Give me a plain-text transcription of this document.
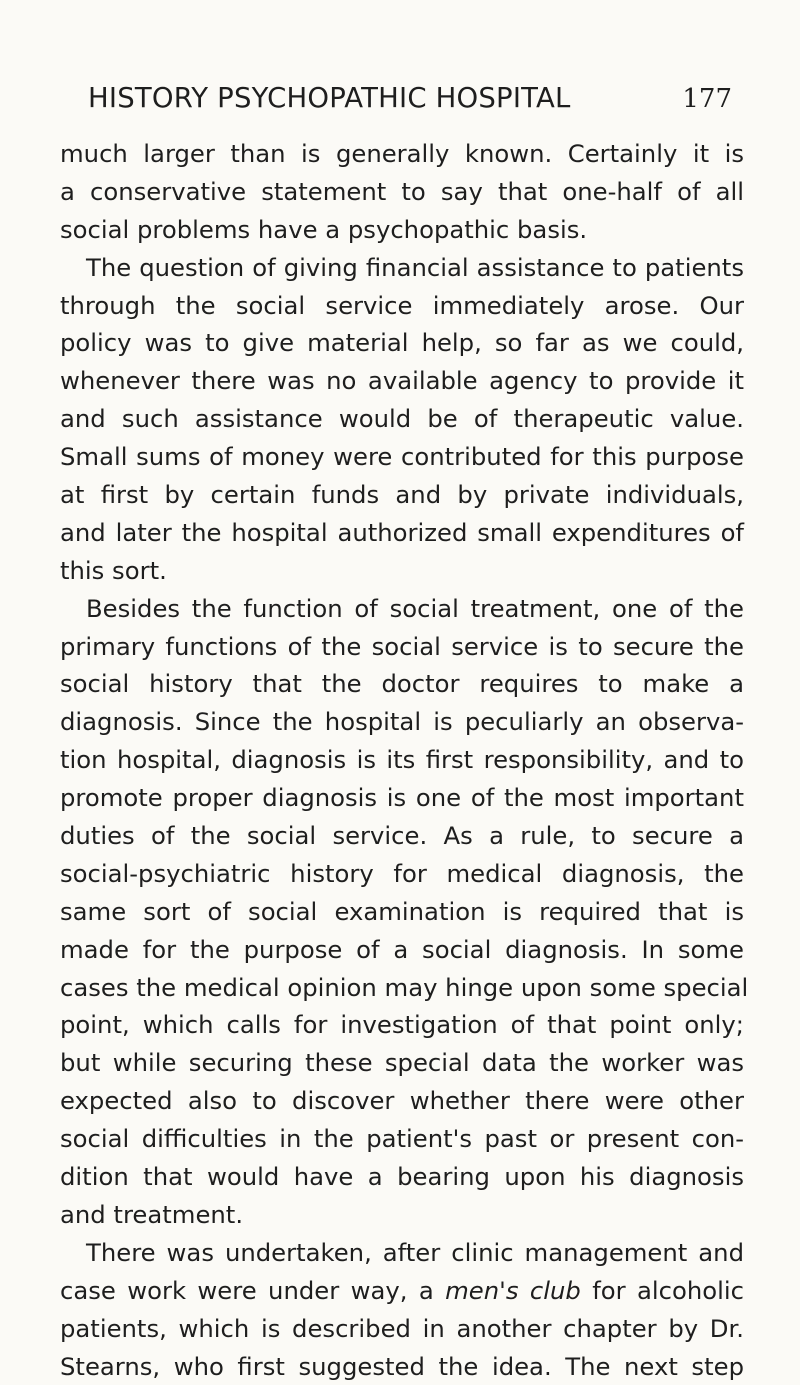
HISTORY PSYCHOPATHIC HOSPITAL	177
much larger than is generally known. Certainly it is
a conservative statement to say that one-half of all
social problems have a psychopathic basis.
The question of giving financial assistance to patients
through the social service immediately arose. Our
policy was to give material help, so far as we could,
whenever there was no available agency to provide it
and such assistance would be of therapeutic value.
Small sums of money were contributed for this purpose
at first by certain funds and by private individuals,
and later the hospital authorized small expenditures of
this sort.
Besides the function of social treatment, one of the
primary functions of the social service is to secure the
social history that the doctor requires to make a
diagnosis. Since the hospital is peculiarly an observa-
tion hospital, diagnosis is its first responsibility, and to
promote proper diagnosis is one of the most important
duties of the social service. As a rule, to secure a
social-psychiatric history for medical diagnosis, the
same sort of social examination is required that is
made for the purpose of a social diagnosis. In some
cases the medical opinion may hinge upon some special
point, which calls for investigation of that point only;
but while securing these special data the worker was
expected also to discover whether there were other
social difficulties in the patient's past or present con-
dition that would have a bearing upon his diagnosis
and treatment.
There was undertaken, after clinic management and
case work were under way, a men's club for alcoholic
patients, which is described in another chapter by Dr.
Stearns, who first suggested the idea. The next step
